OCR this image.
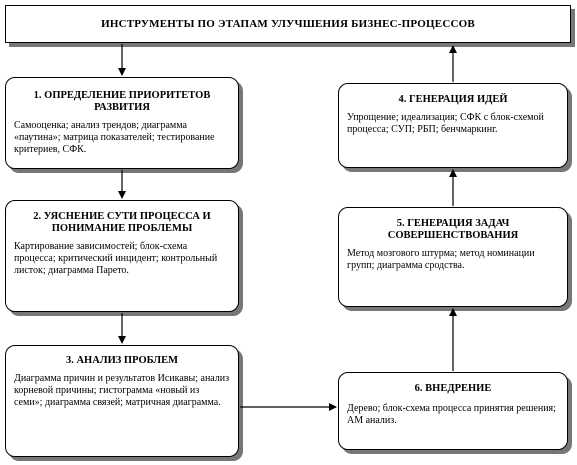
ИНСТРУМЕНТЫ ПО ЭТАПАМ УЛУЧШЕНИЯ БИЗНЕС-ПРОЦЕССОВ
1. ОПРЕДЕЛЕНИЕ ПРИОРИТЕТОВ РАЗВИТИЯ
Самооценка; анализ трендов; диаграмма «паутина»; матрица показателей; тестирование критериев, СФК.
2. УЯСНЕНИЕ СУТИ ПРОЦЕССА И ПОНИМАНИЕ ПРОБЛЕМЫ
Картирование зависимостей; блок-схема процесса; критический инцидент; контрольный листок; диаграмма Парето.
3. АНАЛИЗ ПРОБЛЕМ
Диаграмма причин и результатов Исикавы; анализ корневой причины; гистограмма «новый из семи»; диаграмма связей; матричная диаграмма.
4. ГЕНЕРАЦИЯ ИДЕЙ
Упрощение; идеализация; СФК с блок-схемой процесса; СУП; РБП; бенчмаркинг.
5. ГЕНЕРАЦИЯ ЗАДАЧ СОВЕРШЕНСТВОВАНИЯ
Метод мозгового штурма; метод номинации групп; диаграмма сродства.
6. ВНЕДРЕНИЕ
Дерево; блок-схема процесса принятия решения; АМ анализ.
